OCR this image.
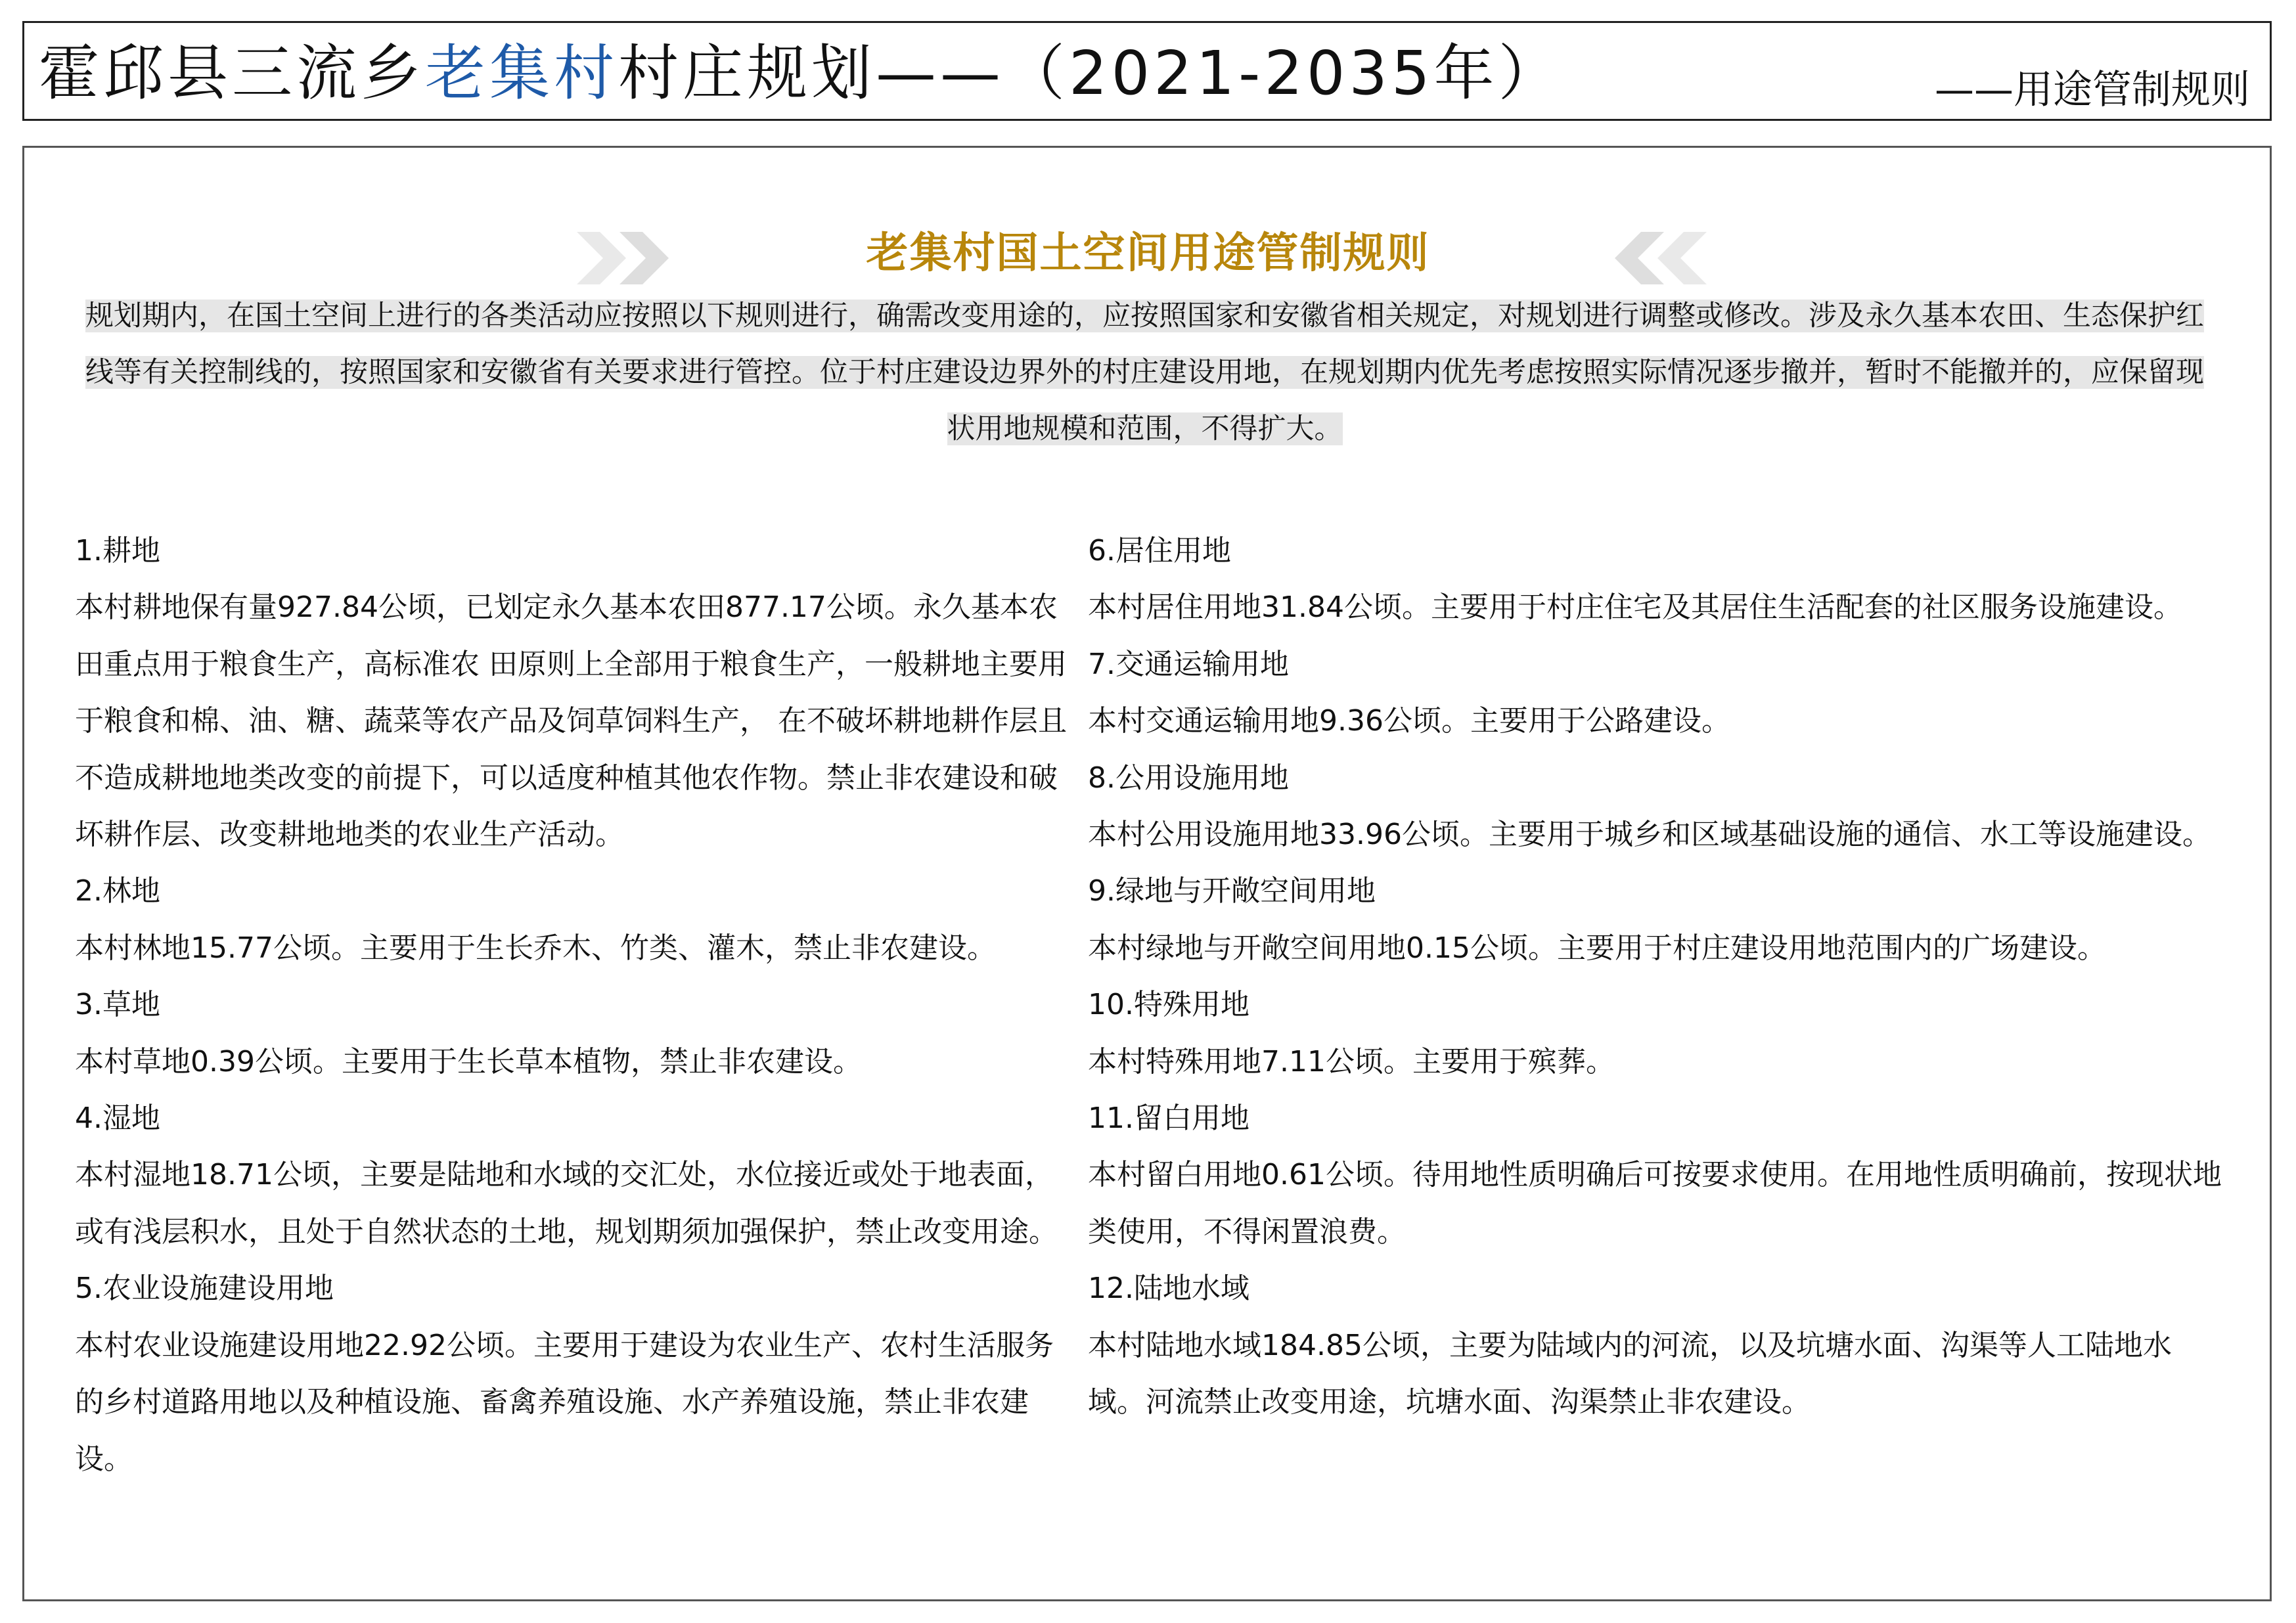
霍邱县三流乡老集村村庄规划——（2021-2035年）	——用途管制规则
老集村国土空间用途管制规则
规划期内，在国土空间上进行的各类活动应按照以下规则进行，确需改变用途的，应按照国家和安徽省相关规定，对规划进行调整或修改。涉及永久基本农田、生态保护红线等有关控制线的，按照国家和安徽省有关要求进行管控。位于村庄建设边界外的村庄建设用地，在规划期内优先考虑按照实际情况逐步撤并，暂时不能撤并的，应保留现状用地规模和范围，不得扩大。

1.耕地

本村耕地保有量927.84公顷，已划定永久基本农田877.17公顷。永久基本农田重点用于粮食生产，高标准农 田原则上全部用于粮食生产，一般耕地主要用于粮食和棉、油、糖、蔬菜等农产品及饲草饲料生产， 在不破坏耕地耕作层且不造成耕地地类改变的前提下，可以适度种植其他农作物。禁止非农建设和破 坏耕作层、改变耕地地类的农业生产活动。

2.林地

本村林地15.77公顷。主要用于生长乔木、竹类、灌木，禁止非农建设。

3.草地

本村草地0.39公顷。主要用于生长草本植物，禁止非农建设。

4.湿地

本村湿地18.71公顷，主要是陆地和水域的交汇处，水位接近或处于地表面，或有浅层积水，且处于自然状态的土地，规划期须加强保护，禁止改变用途。

5.农业设施建设用地

本村农业设施建设用地22.92公顷。主要用于建设为农业生产、农村生活服务的乡村道路用地以及种植设施、畜禽养殖设施、水产养殖设施，禁止非农建设。

6.居住用地

本村居住用地31.84公顷。主要用于村庄住宅及其居住生活配套的社区服务设施建设。

7.交通运输用地

本村交通运输用地9.36公顷。主要用于公路建设。

8.公用设施用地

本村公用设施用地33.96公顷。主要用于城乡和区域基础设施的通信、水工等设施建设。

9.绿地与开敞空间用地

本村绿地与开敞空间用地0.15公顷。主要用于村庄建设用地范围内的广场建设。

10.特殊用地

本村特殊用地7.11公顷。主要用于殡葬。

11.留白用地

本村留白用地0.61公顷。待用地性质明确后可按要求使用。在用地性质明确前，按现状地类使用，不得闲置浪费。

12.陆地水域

本村陆地水域184.85公顷，主要为陆域内的河流，以及坑塘水面、沟渠等人工陆地水域。河流禁止改变用途，坑塘水面、沟渠禁止非农建设。
